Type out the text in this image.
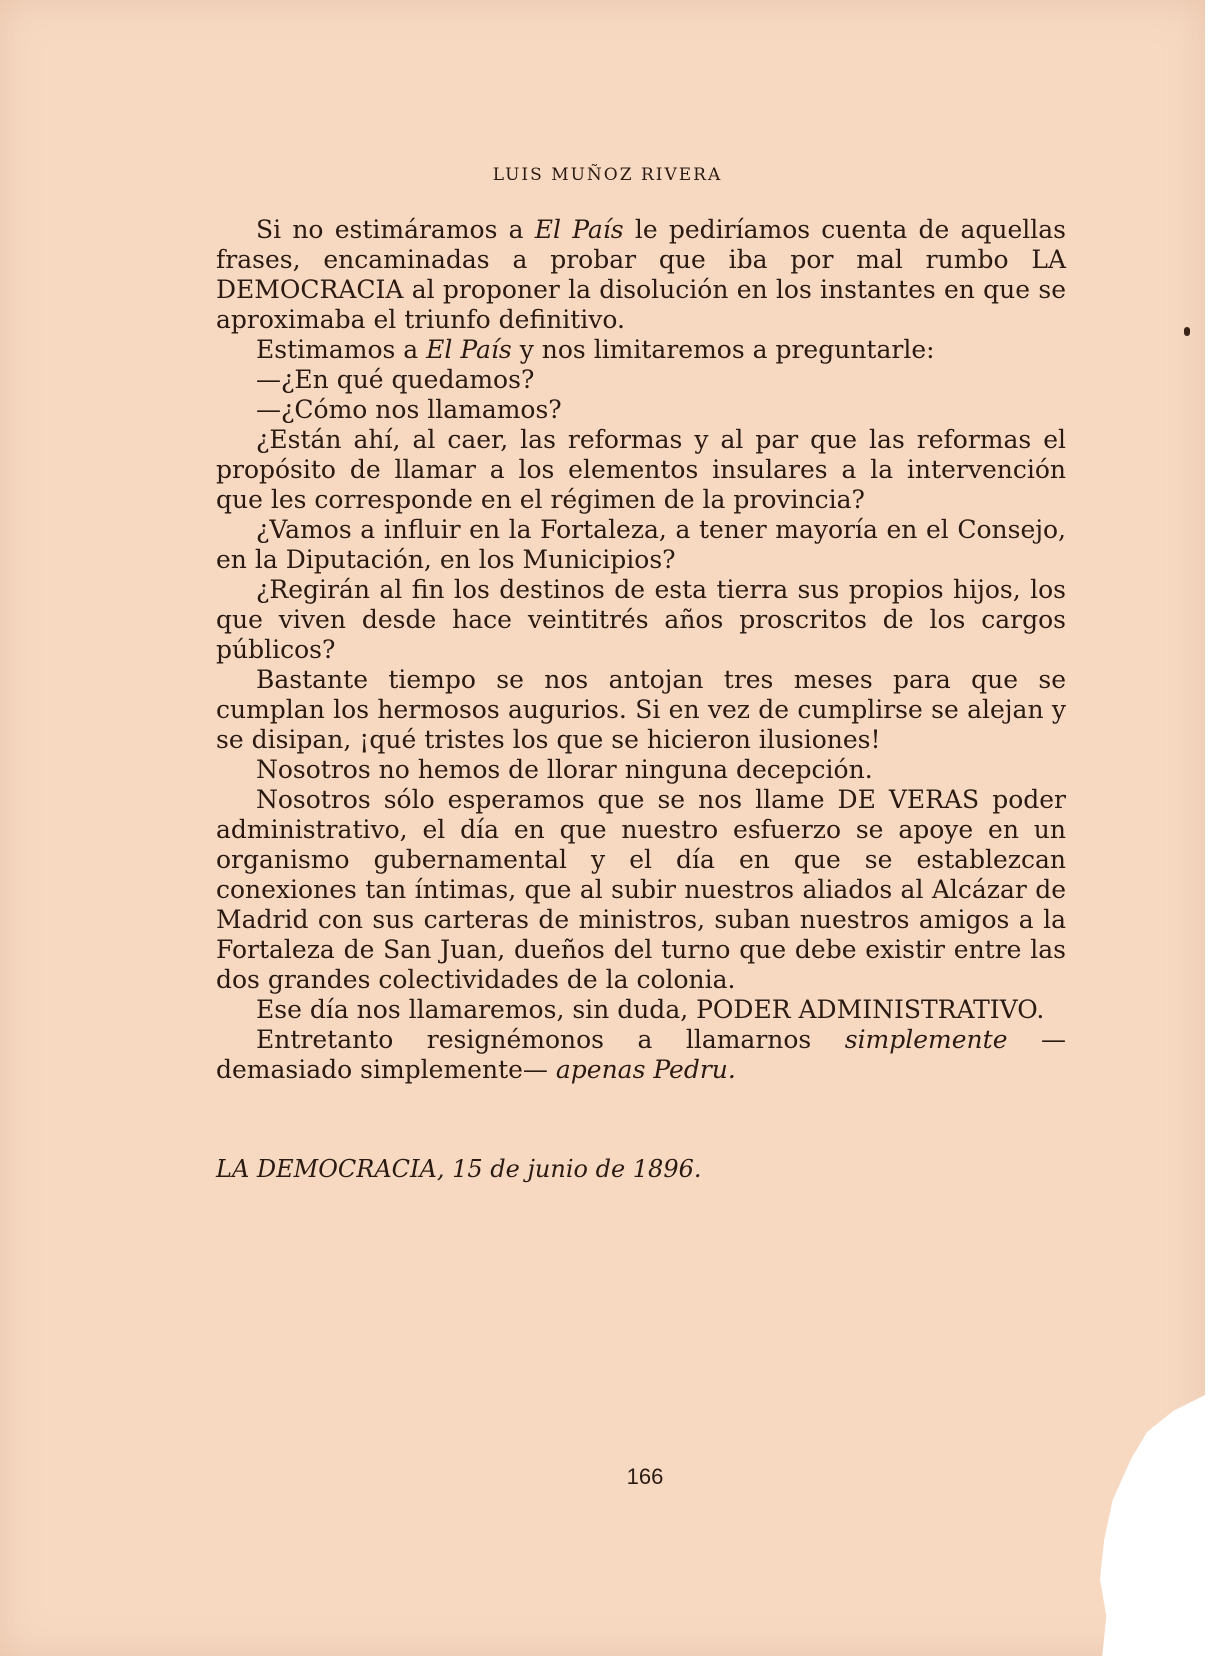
LUIS MUÑOZ RIVERA

Si no estimáramos a El País le pediríamos cuenta de aquellas frases, encaminadas a probar que iba por mal rumbo LA DEMOCRACIA al proponer la disolución en los instantes en que se aproximaba el triunfo definitivo.

Estimamos a El País y nos limitaremos a preguntarle:

—¿En qué quedamos?

—¿Cómo nos llamamos?

¿Están ahí, al caer, las reformas y al par que las reformas el propósito de llamar a los elementos insulares a la intervención que les corresponde en el régimen de la provincia?

¿Vamos a influir en la Fortaleza, a tener mayoría en el Consejo, en la Diputación, en los Municipios?

¿Regirán al fin los destinos de esta tierra sus propios hijos, los que viven desde hace veintitrés años proscritos de los cargos públicos?

Bastante tiempo se nos antojan tres meses para que se cumplan los hermosos augurios. Si en vez de cumplirse se alejan y se disipan, ¡qué tristes los que se hicieron ilusiones!

Nosotros no hemos de llorar ninguna decepción.

Nosotros sólo esperamos que se nos llame DE VERAS poder administrativo, el día en que nuestro esfuerzo se apoye en un organismo gubernamental y el día en que se establezcan conexiones tan íntimas, que al subir nuestros aliados al Alcázar de Madrid con sus carteras de ministros, suban nuestros amigos a la Fortaleza de San Juan, dueños del turno que debe existir entre las dos grandes colectividades de la colonia.

Ese día nos llamaremos, sin duda, PODER ADMINISTRATIVO.

Entretanto resignémonos a llamarnos simplemente —demasiado simplemente— apenas Pedru.

LA DEMOCRACIA, 15 de junio de 1896.
166
